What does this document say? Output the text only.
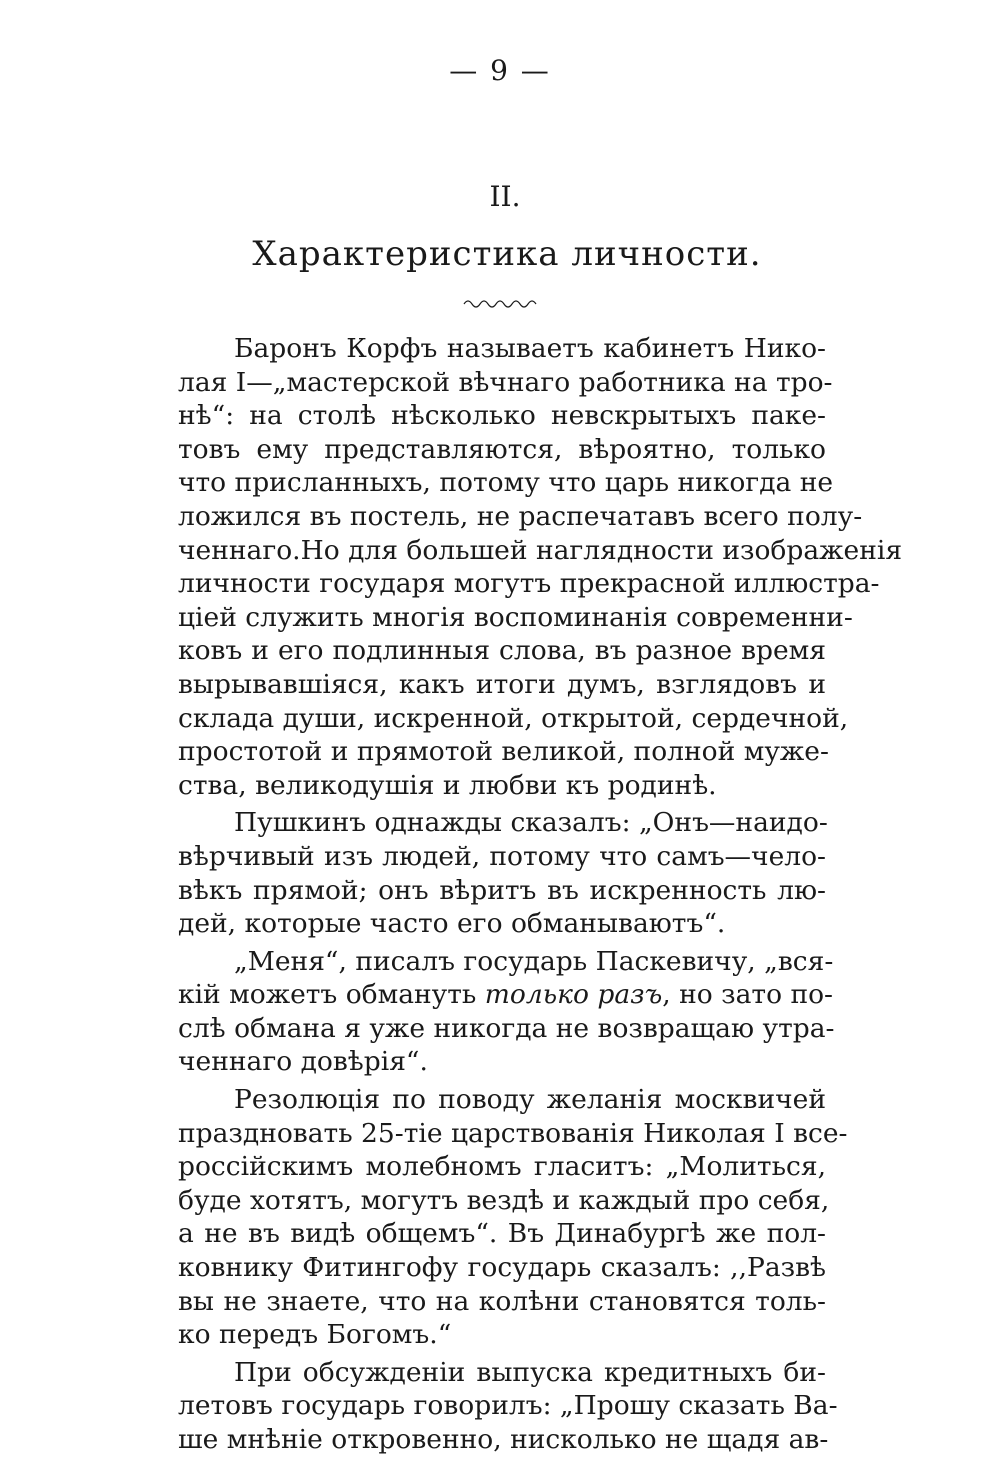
— 9 —
II.
Характеристика личности.
Баронъ Корфъ называетъ кабинетъ Нико-
лая I—„мастерской вѣчнаго работника на тро-
нѣ“: на столѣ нѣсколько невскрытыхъ паке-
товъ ему представляются, вѣроятно, только
что присланныхъ, потому что царь никогда не
ложился въ постель, не распечатавъ всего полу-
ченнаго.Но для большей наглядности изображенія
личности государя могутъ прекрасной иллюстра-
ціей служить многія воспоминанія современни-
ковъ и его подлинныя слова, въ разное время
вырывавшіяся, какъ итоги думъ, взглядовъ и
склада души, искренной, открытой, сердечной,
простотой и прямотой великой, полной муже-
ства, великодушія и любви къ родинѣ.
Пушкинъ однажды сказалъ: „Онъ—наидо-
вѣрчивый изъ людей, потому что самъ—чело-
вѣкъ прямой; онъ вѣритъ въ искренность лю-
дей, которые часто его обманываютъ“.
„Меня“, писалъ государь Паскевичу, „вся-
кій можетъ обмануть только разъ, но зато по-
слѣ обмана я уже никогда не возвращаю утра-
ченнаго довѣрія“.
Резолюція по поводу желанія москвичей
праздновать 25-тіе царствованія Николая I все-
россійскимъ молебномъ гласитъ: „Молиться,
буде хотятъ, могутъ вездѣ и каждый про себя,
а не въ видѣ общемъ“. Въ Динабургѣ же пол-
ковнику Фитингофу государь сказалъ: ,,Развѣ
вы не знаете, что на колѣни становятся толь-
ко передъ Богомъ.“
При обсужденіи выпуска кредитныхъ би-
летовъ государь говорилъ: „Прошу сказать Ва-
ше мнѣніе откровенно, нисколько не щадя ав-
